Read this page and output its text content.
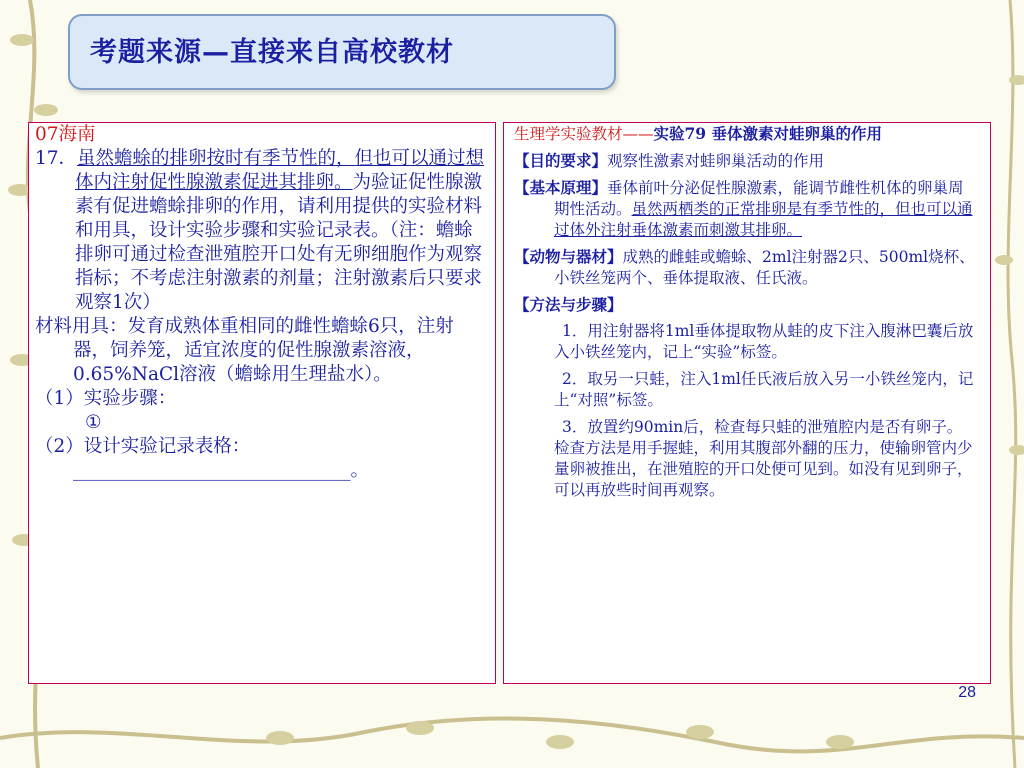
考题来源—直接来自高校教材

07海南

17．虽然蟾蜍的排卵按时有季节性的，但也可以通过想体内注射促性腺激素促进其排卵。为验证促性腺激素有促进蟾蜍排卵的作用，请利用提供的实验材料和用具，设计实验步骤和实验记录表。（注：蟾蜍排卵可通过检查泄殖腔开口处有无卵细胞作为观察指标；不考虑注射激素的剂量；注射激素后只要求观察1次）

材料用具：发育成熟体重相同的雌性蟾蜍6只，注射器，饲养笼，适宜浓度的促性腺激素溶液，0.65%NaCl溶液（蟾蜍用生理盐水）。

（1）实验步骤：

①

（2）设计实验记录表格：

______________________________。

生理学实验教材——实验79 垂体激素对蛙卵巢的作用

【目的要求】观察性激素对蛙卵巢活动的作用

【基本原理】垂体前叶分泌促性腺激素，能调节雌性机体的卵巢周期性活动。虽然两栖类的正常排卵是有季节性的，但也可以通过体外注射垂体激素而刺激其排卵。

【动物与器材】成熟的雌蛙或蟾蜍、2ml注射器2只、500ml烧杯、小铁丝笼两个、垂体提取液、任氏液。

【方法与步骤】

1．用注射器将1ml垂体提取物从蛙的皮下注入腹淋巴囊后放入小铁丝笼内，记上“实验”标签。

2．取另一只蛙，注入1ml任氏液后放入另一小铁丝笼内，记上“对照”标签。

3．放置约90min后，检查每只蛙的泄殖腔内是否有卵子。检查方法是用手握蛙，利用其腹部外翻的压力，使输卵管内少量卵被推出，在泄殖腔的开口处便可见到。如没有见到卵子，可以再放些时间再观察。

28
